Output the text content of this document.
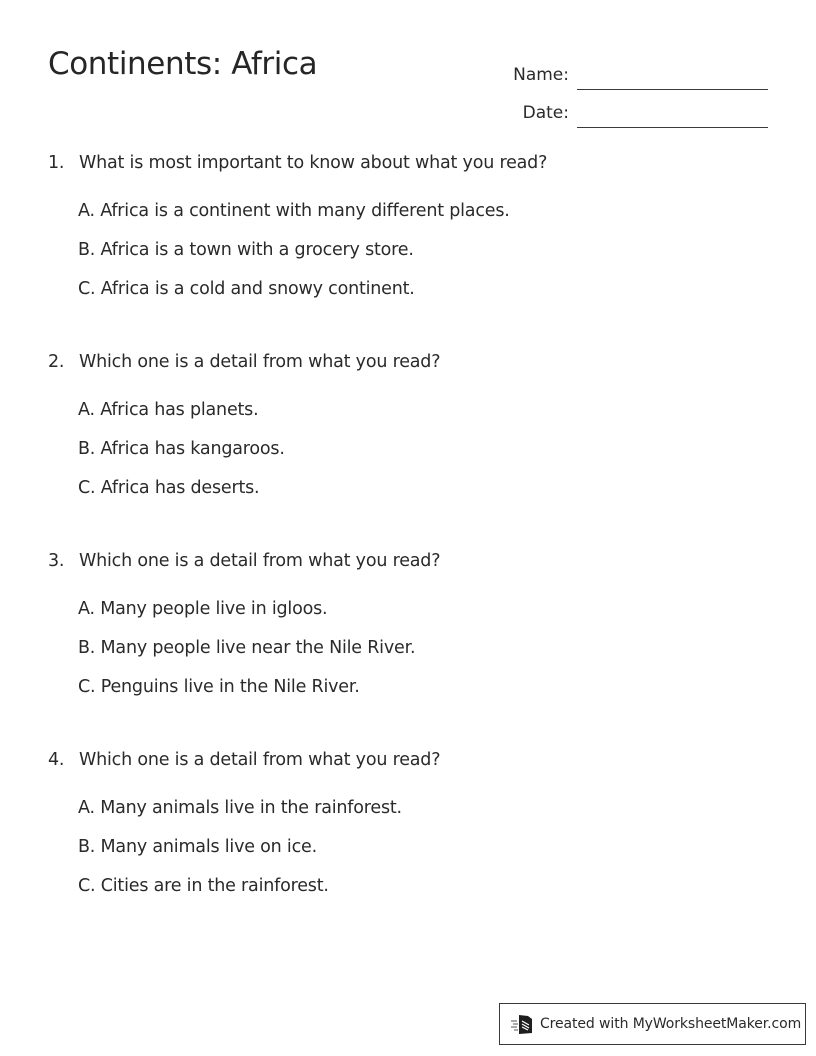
Continents: Africa	Name:
Date:
1. What is most important to know about what you read?
A. Africa is a continent with many different places.
B. Africa is a town with a grocery store.
C. Africa is a cold and snowy continent.
2. Which one is a detail from what you read?
A. Africa has planets.
B. Africa has kangaroos.
C. Africa has deserts.
3. Which one is a detail from what you read?
A. Many people live in igloos.
B. Many people live near the Nile River.
C. Penguins live in the Nile River.
4. Which one is a detail from what you read?
A. Many animals live in the rainforest.
B. Many animals live on ice.
C. Cities are in the rainforest.
Created with MyWorksheetMaker.com
